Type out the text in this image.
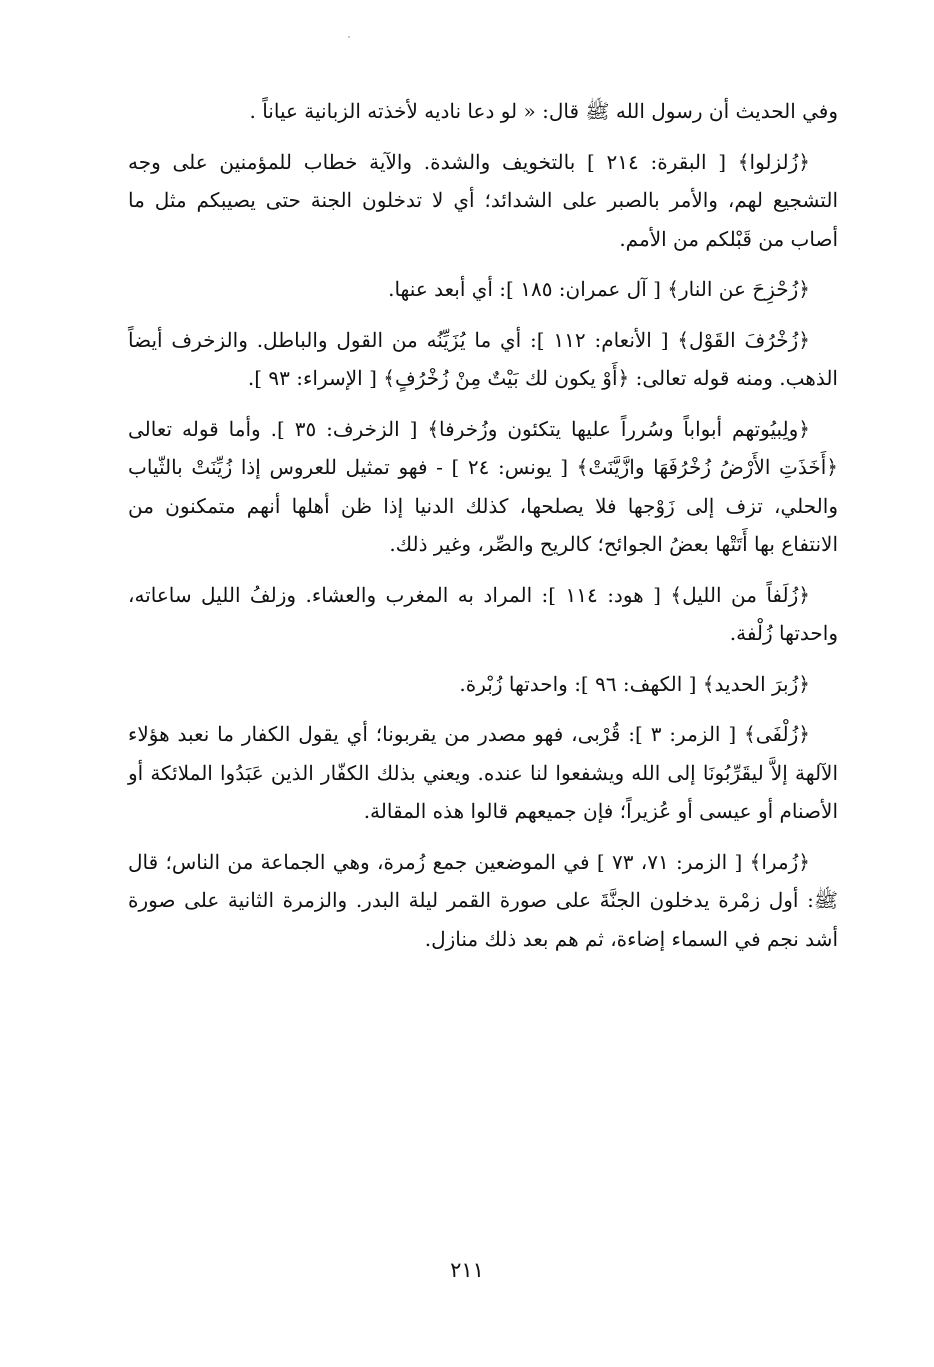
وفي الحديث أن رسول الله ﷺ قال: « لو دعا ناديه لأخذته الزبانية عياناً .

﴿زُلزلوا﴾ [ البقرة: ٢١٤ ] بالتخويف والشدة. والآية خطاب للمؤمنين على وجه التشجيع لهم، والأمر بالصبر على الشدائد؛ أي لا تدخلون الجنة حتى يصيبكم مثل ما أصاب من قَبْلكم من الأمم.

﴿زُحْزِحَ عن النار﴾ [ آل عمران: ١٨٥ ]: أي أبعد عنها.

﴿زُخْرُفَ القَوْل﴾ [ الأنعام: ١١٢ ]: أي ما يُزَيِّنُه من القول والباطل. والزخرف أيضاً الذهب. ومنه قوله تعالى: ﴿أَوْ يكون لك بَيْتٌ مِنْ زُخْرُفٍ﴾ [ الإسراء: ٩٣ ].

﴿ولِبيُوتهم أبواباً وسُرراً عليها يتكئون وزُخرفا﴾ [ الزخرف: ٣٥ ]. وأما قوله تعالى ﴿أَخَذَتِ الأَرْضُ زُخْرُفَهَا وازَّيَّنَتْ﴾ [ يونس: ٢٤ ] - فهو تمثيل للعروس إذا زُيِّنَتْ بالثّياب والحلي، تزف إلى زَوْجها فلا يصلحها، كذلك الدنيا إذا ظن أهلها أنهم متمكنون من الانتفاع بها أَتَتْها بعضُ الجوائح؛ كالريح والصِّر، وغير ذلك.

﴿زُلَفاً من الليل﴾ [ هود: ١١٤ ]: المراد به المغرب والعشاء. وزلفُ الليل ساعاته، واحدتها زُلْفة.

﴿زُبرَ الحديد﴾ [ الكهف: ٩٦ ]: واحدتها زُبْرة.

﴿زُلْفَى﴾ [ الزمر: ٣ ]: قُرْبى، فهو مصدر من يقربونا؛ أي يقول الكفار ما نعبد هؤلاء الآلهة إلاَّ ليقَرِّبُونَا إلى الله ويشفعوا لنا عنده. ويعني بذلك الكفّار الذين عَبَدُوا الملائكة أو الأصنام أو عيسى أو عُزيراً؛ فإن جميعهم قالوا هذه المقالة.

﴿زُمرا﴾ [ الزمر: ٧١، ٧٣ ] في الموضعين جمع زُمرة، وهي الجماعة من الناس؛ قال ﷺ: أول زمْرة يدخلون الجنَّةَ على صورة القمر ليلة البدر. والزمرة الثانية على صورة أشد نجم في السماء إضاءة، ثم هم بعد ذلك منازل.

٢١١
